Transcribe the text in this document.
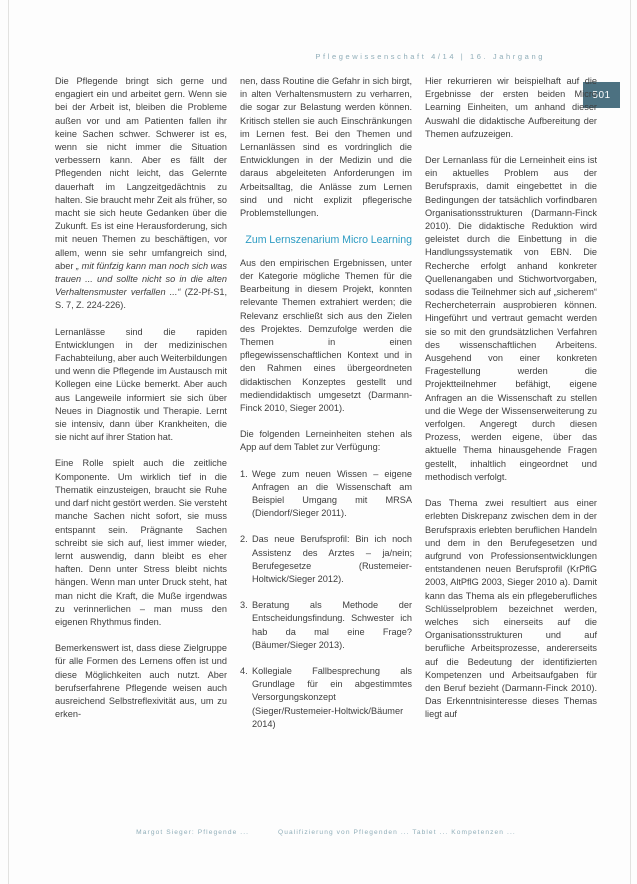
Pflegewissenschaft 4/14 | 16. Jahrgang
501

Die Pflegende bringt sich gerne und engagiert ein und arbeitet gern. Wenn sie bei der Arbeit ist, bleiben die Probleme außen vor und am Patienten fallen ihr keine Sachen schwer. Schwerer ist es, wenn sie nicht immer die Situation verbessern kann. Aber es fällt der Pflegenden nicht leicht, das Gelernte dauerhaft im Langzeitgedächtnis zu halten. Sie braucht mehr Zeit als früher, so macht sie sich heute Gedanken über die Zukunft. Es ist eine Herausforderung, sich mit neuen Themen zu beschäftigen, vor allem, wenn sie sehr umfangreich sind, aber „ mit fünfzig kann man noch sich was trauen ... und sollte nicht so in die alten Verhaltensmuster verfallen ...“ (Z2-Pf-S1, S. 7, Z. 224-226).

Lernanlässe sind die rapiden Entwicklungen in der medizinischen Fachabteilung, aber auch Weiterbildungen und wenn die Pflegende im Austausch mit Kollegen eine Lücke bemerkt. Aber auch aus Langeweile informiert sie sich über Neues in Diagnostik und Therapie. Lernt sie intensiv, dann über Krankheiten, die sie nicht auf ihrer Station hat.

Eine Rolle spielt auch die zeitliche Komponente. Um wirklich tief in die Thematik einzusteigen, braucht sie Ruhe und darf nicht gestört werden. Sie versteht manche Sachen nicht sofort, sie muss entspannt sein. Prägnante Sachen schreibt sie sich auf, liest immer wieder, lernt auswendig, dann bleibt es eher haften. Denn unter Stress bleibt nichts hängen. Wenn man unter Druck steht, hat man nicht die Kraft, die Muße irgendwas zu verinnerlichen – man muss den eigenen Rhythmus finden.

Bemerkenswert ist, dass diese Zielgruppe für alle Formen des Lernens offen ist und diese Möglichkeiten auch nutzt. Aber berufserfahrene Pflegende weisen auch ausreichend Selbstreflexivität aus, um zu erken-

nen, dass Routine die Gefahr in sich birgt, in alten Verhaltensmustern zu verharren, die sogar zur Belastung werden können. Kritisch stellen sie auch Einschränkungen im Lernen fest. Bei den Themen und Lernanlässen sind es vordringlich die Entwicklungen in der Medizin und die daraus abgeleiteten Anforderungen im Arbeitsalltag, die Anlässe zum Lernen sind und nicht explizit pflegerische Problemstellungen.

Zum Lernszenarium Micro Learning

Aus den empirischen Ergebnissen, unter der Kategorie mögliche Themen für die Bearbeitung in diesem Projekt, konnten relevante Themen extrahiert werden; die Relevanz erschließt sich aus den Zielen des Projektes. Demzufolge werden die Themen in einen pflegewissenschaftlichen Kontext und in den Rahmen eines übergeordneten didaktischen Konzeptes gestellt und mediendidaktisch umgesetzt (Darmann-Finck 2010, Sieger 2001).

Die folgenden Lerneinheiten stehen als App auf dem Tablet zur Verfügung:

1. Wege zum neuen Wissen – eigene Anfragen an die Wissenschaft am Beispiel Umgang mit MRSA (Diendorf/Sieger 2011).
2. Das neue Berufsprofil: Bin ich noch Assistenz des Arztes – ja/nein; Berufegesetze (Rustemeier-Holtwick/Sieger 2012).
3. Beratung als Methode der Entscheidungsfindung. Schwester ich hab da mal eine Frage? (Bäumer/Sieger 2013).
4. Kollegiale Fallbesprechung als Grundlage für ein abgestimmtes Versorgungskonzept (Sieger/Rustemeier-Holtwick/Bäumer 2014)

Hier rekurrieren wir beispielhaft auf die Ergebnisse der ersten beiden Micro Learning Einheiten, um anhand dieser Auswahl die didaktische Aufbereitung der Themen aufzuzeigen.

Der Lernanlass für die Lerneinheit eins ist ein aktuelles Problem aus der Berufspraxis, damit eingebettet in die Bedingungen der tatsächlich vorfindbaren Organisationsstrukturen (Darmann-Finck 2010). Die didaktische Reduktion wird geleistet durch die Einbettung in die Handlungssystematik von EBN. Die Recherche erfolgt anhand konkreter Quellenangaben und Stichwortvorgaben, sodass die Teilnehmer sich auf „sicherem“ Rechercheterrain ausprobieren können. Hingeführt und vertraut gemacht werden sie so mit den grundsätzlichen Verfahren des wissenschaftlichen Arbeitens. Ausgehend von einer konkreten Fragestellung werden die Projektteilnehmer befähigt, eigene Anfragen an die Wissenschaft zu stellen und die Wege der Wissenserweiterung zu verfolgen. Angeregt durch diesen Prozess, werden eigene, über das aktuelle Thema hinausgehende Fragen gestellt, inhaltlich eingeordnet und methodisch verfolgt.

Das Thema zwei resultiert aus einer erlebten Diskrepanz zwischen dem in der Berufspraxis erlebten beruflichen Handeln und dem in den Berufegesetzen und aufgrund von Professionsentwicklungen entstandenen neuen Berufsprofil (KrPflG 2003, AltPflG 2003, Sieger 2010 a). Damit kann das Thema als ein pflegeberufliches Schlüsselproblem bezeichnet werden, welches sich einerseits auf die Organisationsstrukturen und auf berufliche Arbeitsprozesse, andererseits auf die Bedeutung der identifizierten Kompetenzen und Arbeitsaufgaben für den Beruf bezieht (Darmann-Finck 2010). Das Erkenntnisinteresse dieses Themas liegt auf

Margot Sieger: Pflegende ...	Qualifizierung von Pflegenden ... Tablet ... Kompetenzen ...
